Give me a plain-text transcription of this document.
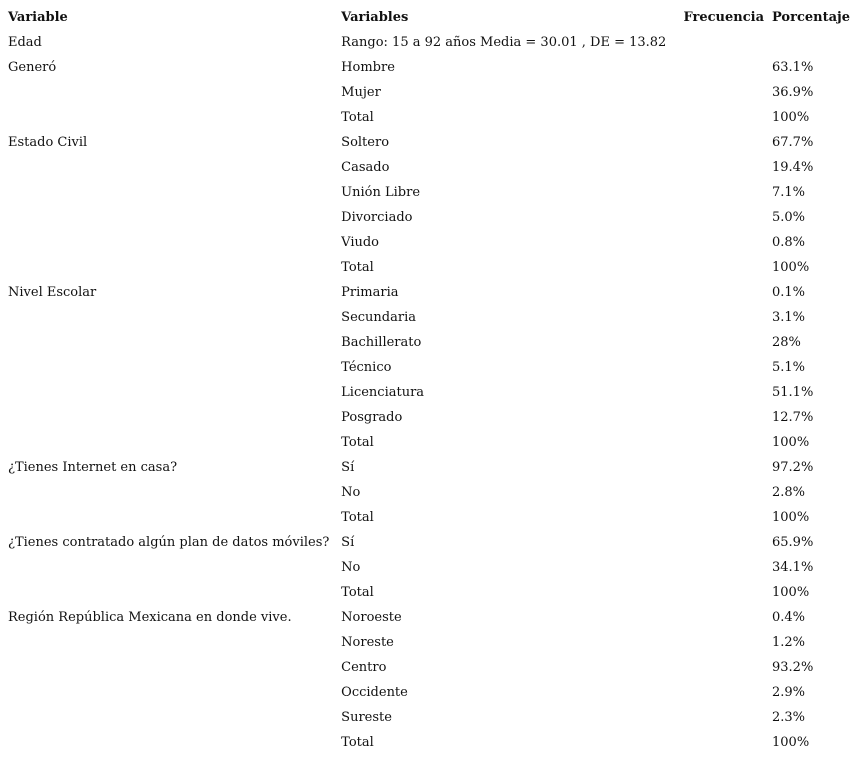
Variable	Variables	Frecuencia	Porcentaje
Edad	Rango: 15 a 92 años Media = 30.01 , DE = 13.82		
Generó	Hombre		63.1%
	Mujer		36.9%
	Total		100%
Estado Civil	Soltero		67.7%
	Casado		19.4%
	Unión Libre		7.1%
	Divorciado		5.0%
	Viudo		0.8%
	Total		100%
Nivel Escolar	Primaria		0.1%
	Secundaria		3.1%
	Bachillerato		28%
	Técnico		5.1%
	Licenciatura		51.1%
	Posgrado		12.7%
	Total		100%
¿Tienes Internet en casa?	Sí		97.2%
	No		2.8%
	Total		100%
¿Tienes contratado algún plan de datos móviles?	Sí		65.9%
	No		34.1%
	Total		100%
Región República Mexicana en donde vive.	Noroeste		0.4%
	Noreste		1.2%
	Centro		93.2%
	Occidente		2.9%
	Sureste		2.3%
	Total		100%
